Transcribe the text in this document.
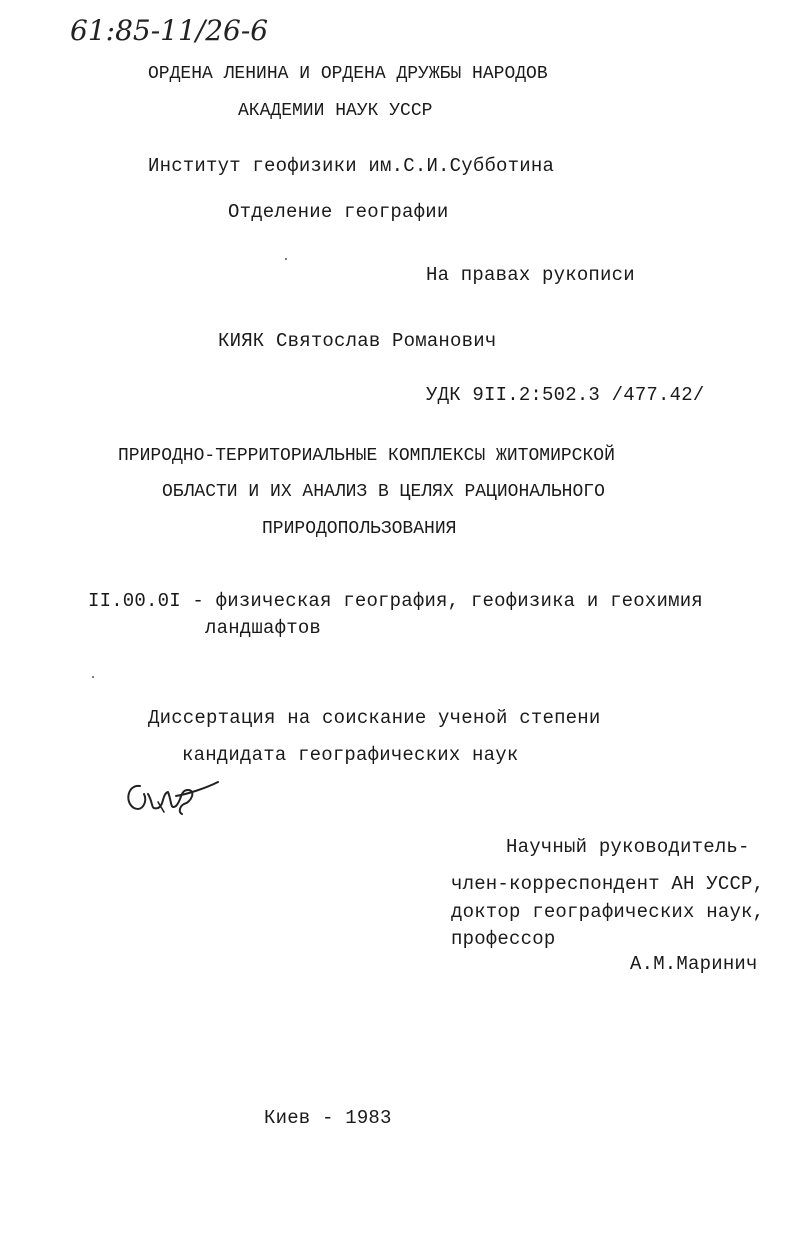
61:85-11/26-6
ОРДЕНА ЛЕНИНА И ОРДЕНА ДРУЖБЫ НАРОДОВ
АКАДЕМИИ НАУК УССР
Институт геофизики им.С.И.Субботина
Отделение географии
На правах рукописи
КИЯК Святослав Романович
УДК 9II.2:502.3 /477.42/
ПРИРОДНО-ТЕРРИТОРИАЛЬНЫЕ КОМПЛЕКСЫ ЖИТОМИРСКОЙ
ОБЛАСТИ И ИХ АНАЛИЗ В ЦЕЛЯХ РАЦИОНАЛЬНОГО
ПРИРОДОПОЛЬЗОВАНИЯ
II.00.0I - физическая география, геофизика и геохимия
ландшафтов
Диссертация на соискание ученой степени
кандидата географических наук
Научный руководитель-
член-корреспондент АН УССР,
доктор географических наук,
профессор
А.М.Маринич
Киев - 1983
